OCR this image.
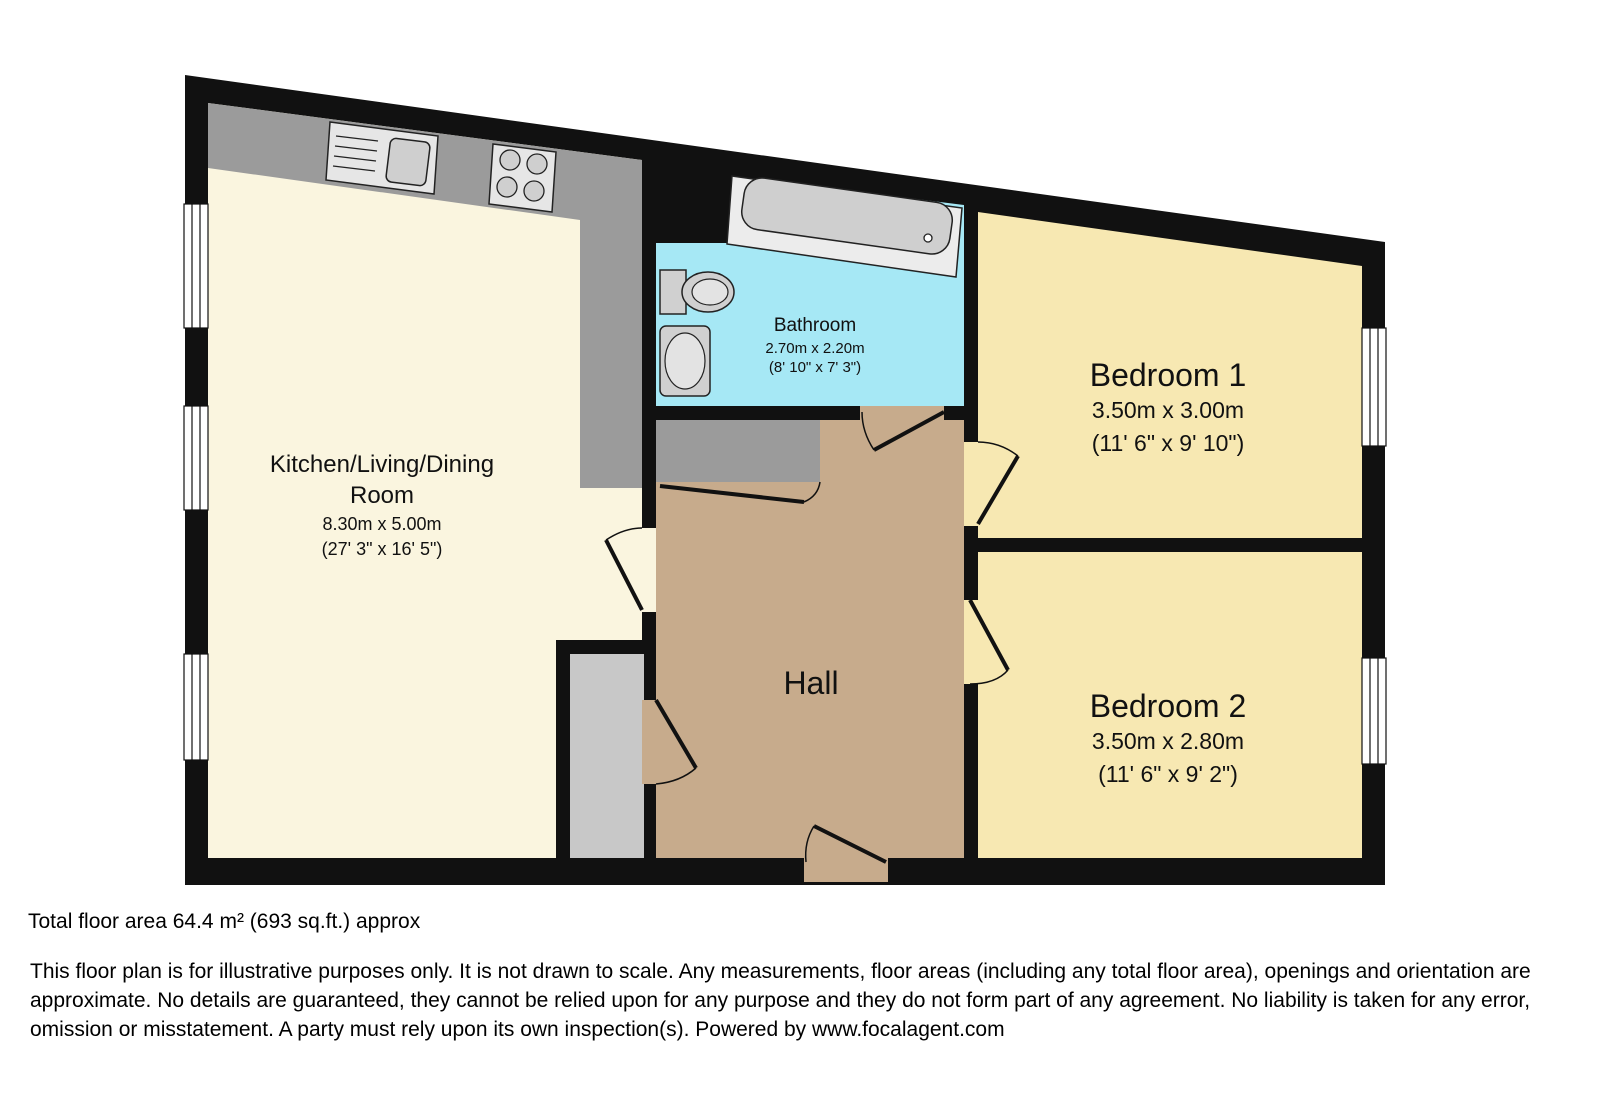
Kitchen/Living/Dining
Room
8.30m x 5.00m
(27' 3" x 16' 5")
Bathroom
2.70m x 2.20m
(8' 10" x 7' 3")
Hall
Bedroom 1
3.50m x 3.00m
(11' 6" x 9' 10")
Bedroom 2
3.50m x 2.80m
(11' 6" x 9' 2")
Total floor area 64.4 m² (693 sq.ft.) approx
This floor plan is for illustrative purposes only. It is not drawn to scale. Any measurements, floor areas (including any total floor area), openings and orientation are approximate. No details are guaranteed, they cannot be relied upon for any purpose and they do not form part of any agreement. No liability is taken for any error, omission or misstatement. A party must rely upon its own inspection(s). Powered by www.focalagent.com
